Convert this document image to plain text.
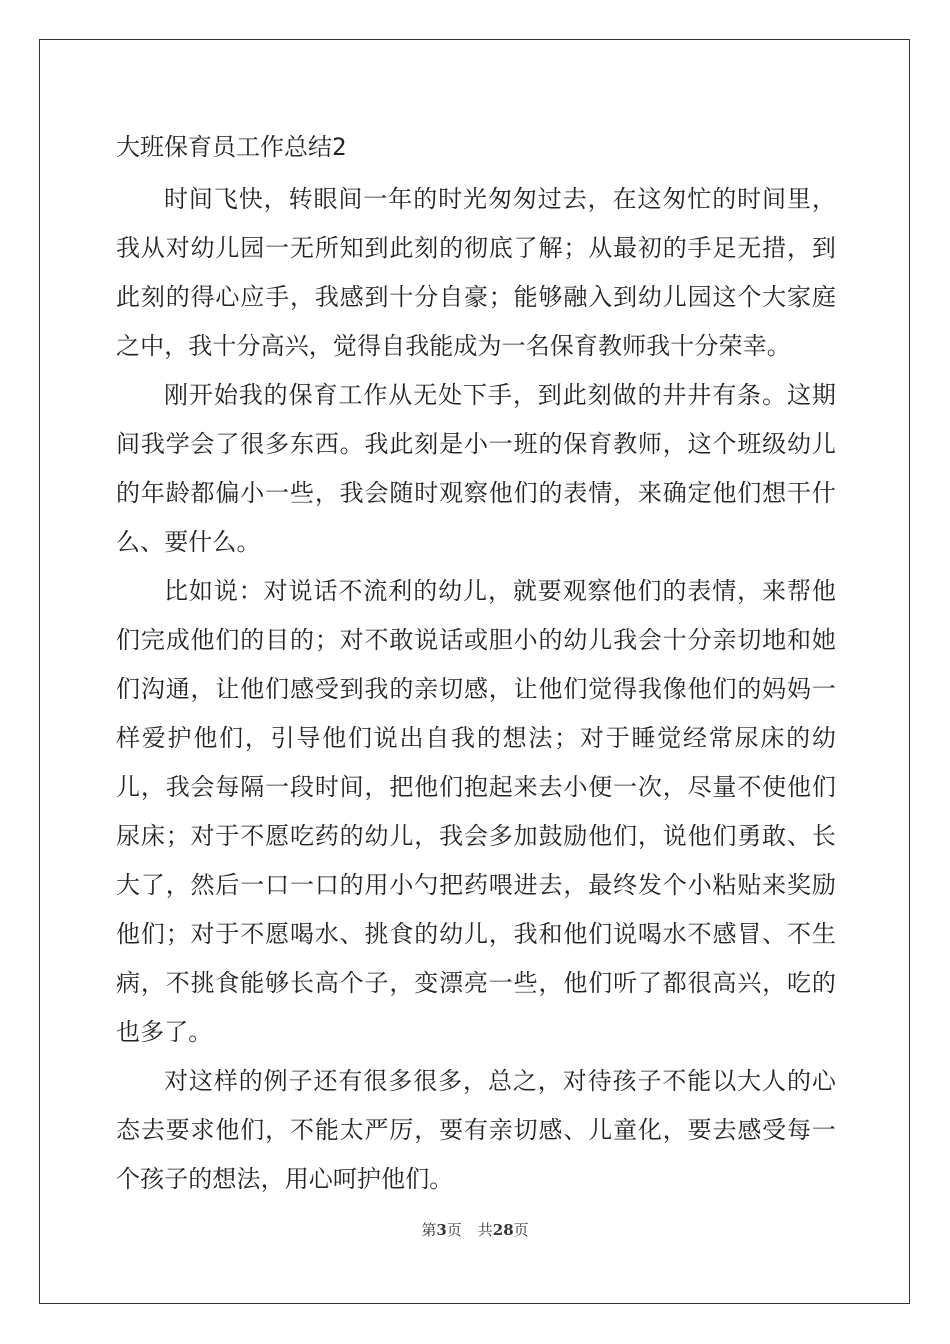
大班保育员工作总结2

时间飞快，转眼间一年的时光匆匆过去，在这匆忙的时间里，我从对幼儿园一无所知到此刻的彻底了解；从最初的手足无措，到此刻的得心应手，我感到十分自豪；能够融入到幼儿园这个大家庭之中，我十分高兴，觉得自我能成为一名保育教师我十分荣幸。

刚开始我的保育工作从无处下手，到此刻做的井井有条。这期间我学会了很多东西。我此刻是小一班的保育教师，这个班级幼儿的年龄都偏小一些，我会随时观察他们的表情，来确定他们想干什么、要什么。

比如说：对说话不流利的幼儿，就要观察他们的表情，来帮他们完成他们的目的；对不敢说话或胆小的幼儿我会十分亲切地和她们沟通，让他们感受到我的亲切感，让他们觉得我像他们的妈妈一样爱护他们，引导他们说出自我的想法；对于睡觉经常尿床的幼儿，我会每隔一段时间，把他们抱起来去小便一次，尽量不使他们尿床；对于不愿吃药的幼儿，我会多加鼓励他们，说他们勇敢、长大了，然后一口一口的用小勺把药喂进去，最终发个小粘贴来奖励他们；对于不愿喝水、挑食的幼儿，我和他们说喝水不感冒、不生病，不挑食能够长高个子，变漂亮一些，他们听了都很高兴，吃的也多了。

对这样的例子还有很多很多，总之，对待孩子不能以大人的心态去要求他们，不能太严厉，要有亲切感、儿童化，要去感受每一个孩子的想法，用心呵护他们。

第3页 共28页
